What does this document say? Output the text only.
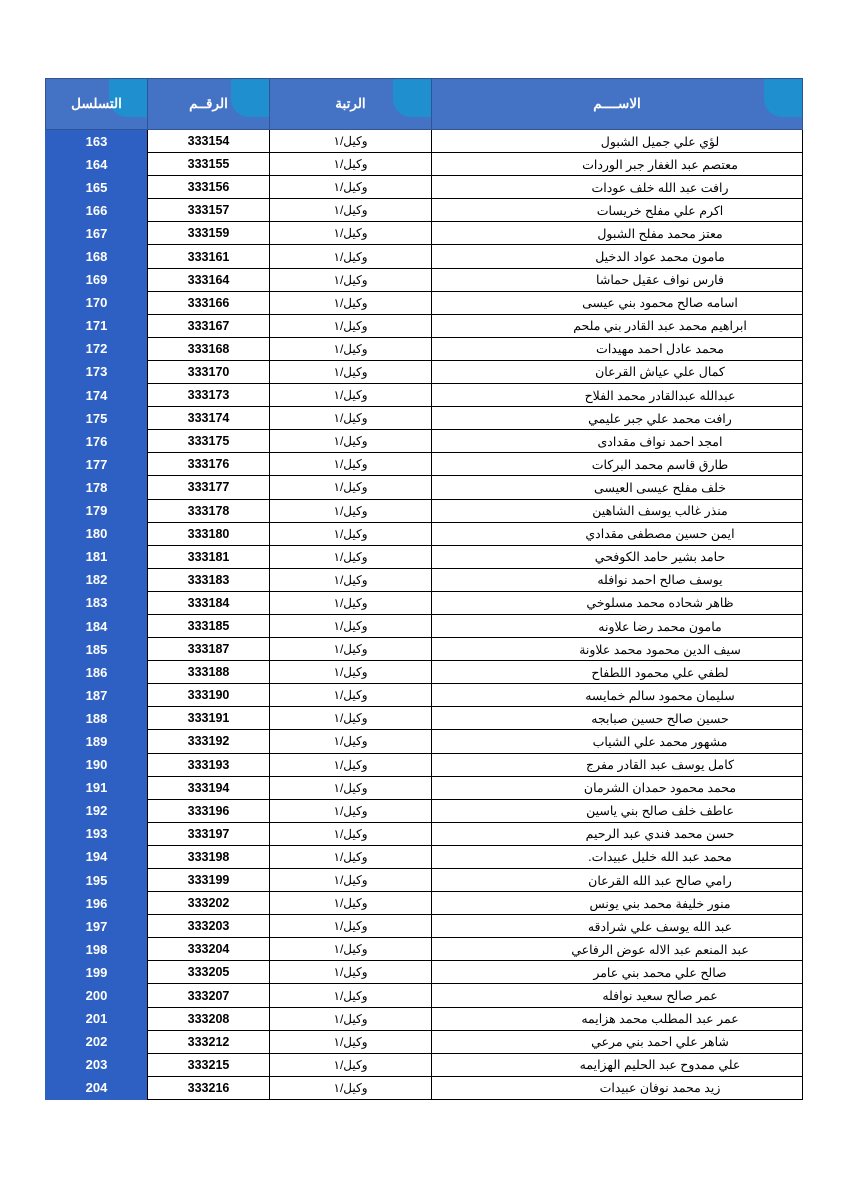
الاســــم	الرتبة	الرقــم	التسلسل

لؤي علي جميل الشبول	وكيل/١	333154	163
معتصم عبد الغفار جبر الوردات	وكيل/١	333155	164
رافت عبد الله خلف عودات	وكيل/١	333156	165
اكرم علي مفلح خريسات	وكيل/١	333157	166
معتز محمد مفلح الشبول	وكيل/١	333159	167
مامون محمد عواد الدخيل	وكيل/١	333161	168
فارس نواف عقيل حماشا	وكيل/١	333164	169
اسامه صالح محمود بني عيسى	وكيل/١	333166	170
ابراهيم محمد عبد القادر بني ملحم	وكيل/١	333167	171
محمد عادل احمد مهيدات	وكيل/١	333168	172
كمال علي عياش القرعان	وكيل/١	333170	173
عبدالله عبدالقادر محمد الفلاح	وكيل/١	333173	174
رافت محمد علي جبر عليمي	وكيل/١	333174	175
امجد احمد نواف مقدادى	وكيل/١	333175	176
طارق قاسم محمد البركات	وكيل/١	333176	177
خلف مفلح عيسى العيسى	وكيل/١	333177	178
منذر غالب يوسف الشاهين	وكيل/١	333178	179
ايمن حسين مصطفى مقدادي	وكيل/١	333180	180
حامد بشير حامد الكوفحي	وكيل/١	333181	181
يوسف صالح احمد نوافله	وكيل/١	333183	182
ظاهر شحاده محمد مسلوخي	وكيل/١	333184	183
مامون محمد رضا علاونه	وكيل/١	333185	184
سيف الدين محمود محمد علاونة	وكيل/١	333187	185
لطفي علي محمود اللطفاح	وكيل/١	333188	186
سليمان محمود سالم خمايسه	وكيل/١	333190	187
حسين صالح حسين صبابجه	وكيل/١	333191	188
مشهور محمد علي الشياب	وكيل/١	333192	189
كامل يوسف عبد القادر مفرج	وكيل/١	333193	190
محمد محمود حمدان الشرمان	وكيل/١	333194	191
عاطف خلف صالح بني ياسين	وكيل/١	333196	192
حسن محمد فندي عبد الرحيم	وكيل/١	333197	193
محمد عبد الله خليل عبيدات.	وكيل/١	333198	194
رامي صالح عبد الله القرعان	وكيل/١	333199	195
منور خليفة محمد بني يونس	وكيل/١	333202	196
عبد الله يوسف علي شرادقه	وكيل/١	333203	197
عبد المنعم عبد الاله عوض الرفاعي	وكيل/١	333204	198
صالح علي محمد بني عامر	وكيل/١	333205	199
عمر صالح سعيد نوافله	وكيل/١	333207	200
عمر عبد المطلب محمد هزايمه	وكيل/١	333208	201
شاهر علي احمد بني مرعي	وكيل/١	333212	202
علي ممدوح عبد الحليم الهزايمه	وكيل/١	333215	203
زيد محمد نوفان عبيدات	وكيل/١	333216	204
